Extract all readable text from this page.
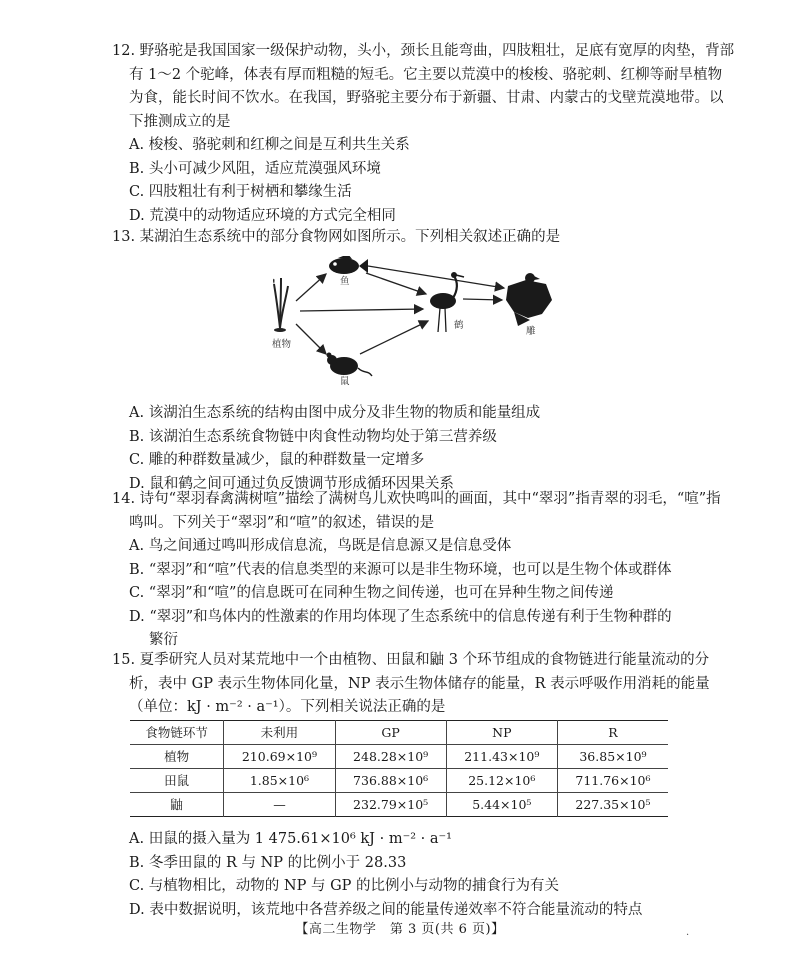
12. 野骆驼是我国国家一级保护动物，头小，颈长且能弯曲，四肢粗壮，足底有宽厚的肉垫，背部
有 1～2 个驼峰，体表有厚而粗糙的短毛。它主要以荒漠中的梭梭、骆驼刺、红柳等耐旱植物
为食，能长时间不饮水。在我国，野骆驼主要分布于新疆、甘肃、内蒙古的戈壁荒漠地带。以
下推测成立的是
A. 梭梭、骆驼刺和红柳之间是互利共生关系
B. 头小可减少风阻，适应荒漠强风环境
C. 四肢粗壮有利于树栖和攀缘生活
D. 荒漠中的动物适应环境的方式完全相同
13. 某湖泊生态系统中的部分食物网如图所示。下列相关叙述正确的是
植物
鱼
鼠
鹤
雕
A. 该湖泊生态系统的结构由图中成分及非生物的物质和能量组成
B. 该湖泊生态系统食物链中肉食性动物均处于第三营养级
C. 雕的种群数量减少，鼠的种群数量一定增多
D. 鼠和鹤之间可通过负反馈调节形成循环因果关系
14. 诗句“翠羽春禽满树喧”描绘了满树鸟儿欢快鸣叫的画面，其中“翠羽”指青翠的羽毛，“喧”指
鸣叫。下列关于“翠羽”和“喧”的叙述，错误的是
A. 鸟之间通过鸣叫形成信息流，鸟既是信息源又是信息受体
B. “翠羽”和“喧”代表的信息类型的来源可以是非生物环境，也可以是生物个体或群体
C. “翠羽”和“喧”的信息既可在同种生物之间传递，也可在异种生物之间传递
D. “翠羽”和鸟体内的性激素的作用均体现了生态系统中的信息传递有利于生物种群的
繁衍
15. 夏季研究人员对某荒地中一个由植物、田鼠和鼬 3 个环节组成的食物链进行能量流动的分
析，表中 GP 表示生物体同化量，NP 表示生物体储存的能量，R 表示呼吸作用消耗的能量
（单位：kJ · m⁻² · a⁻¹）。下列相关说法正确的是
食物链环节	未利用	GP	NP	R
植物	210.69×10⁹	248.28×10⁹	211.43×10⁹	36.85×10⁹
田鼠	1.85×10⁶	736.88×10⁶	25.12×10⁶	711.76×10⁶
鼬	—	232.79×10⁵	5.44×10⁵	227.35×10⁵
A. 田鼠的摄入量为 1 475.61×10⁶ kJ · m⁻² · a⁻¹
B. 冬季田鼠的 R 与 NP 的比例小于 28.33
C. 与植物相比，动物的 NP 与 GP 的比例小与动物的捕食行为有关
D. 表中数据说明，该荒地中各营养级之间的能量传递效率不符合能量流动的特点
【高二生物学　第 3 页(共 6 页)】	·
